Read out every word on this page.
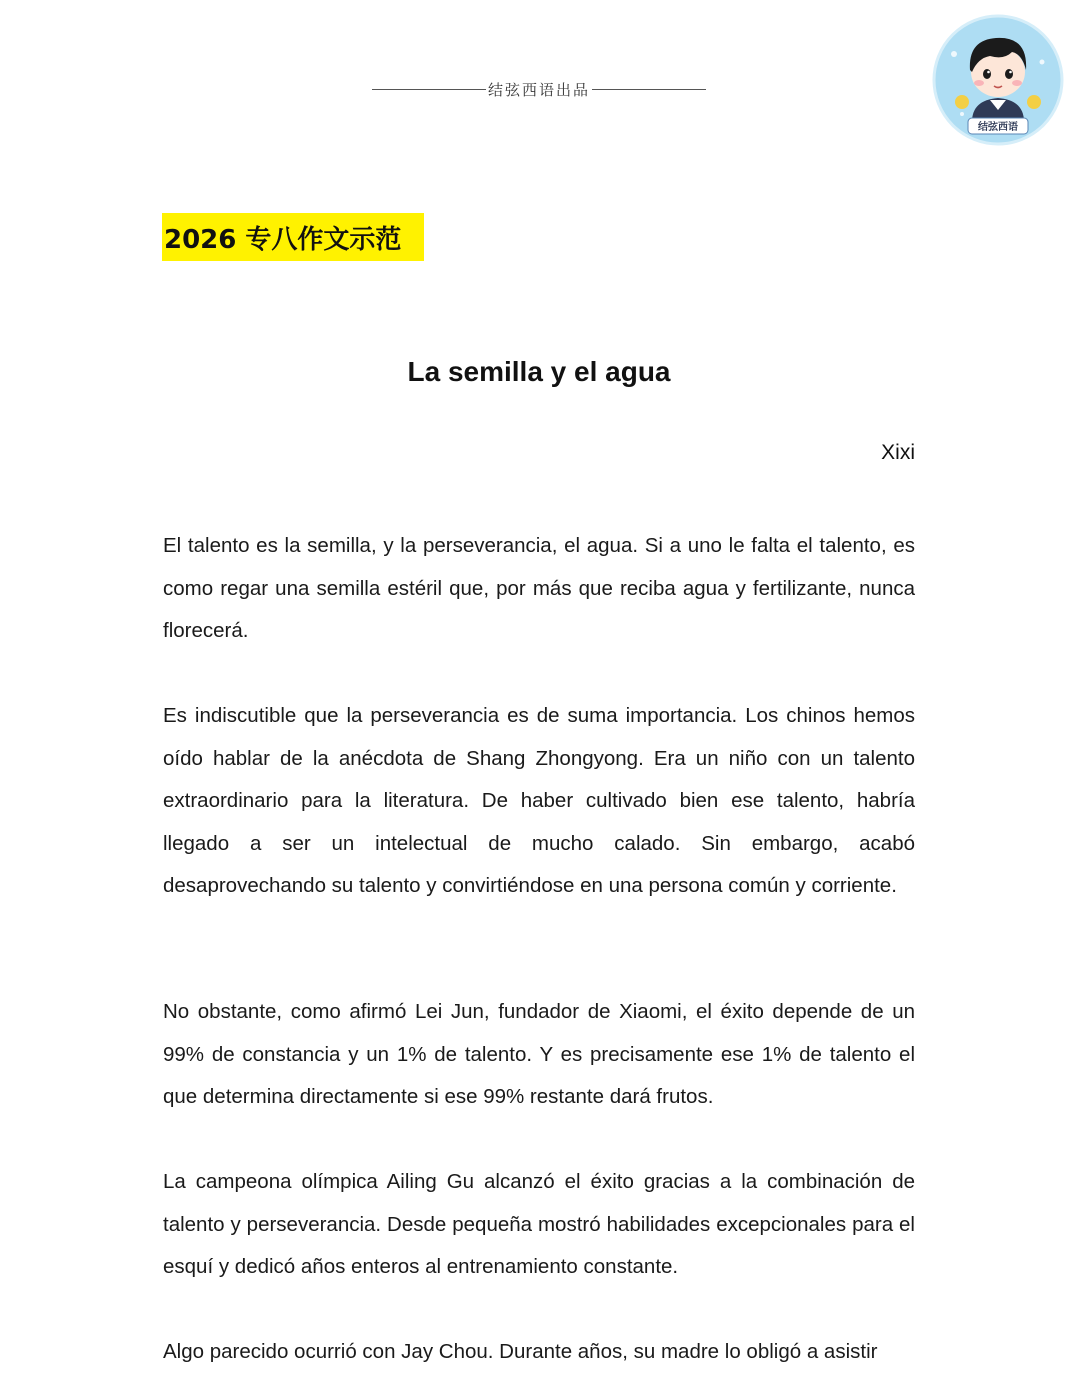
结弦西语出品
结弦西语
2026 专八作文示范
La semilla y el agua
Xixi

El talento es la semilla, y la perseverancia, el agua. Si a uno le falta el talento, es como regar una semilla estéril que, por más que reciba agua y fertilizante, nunca florecerá.

Es indiscutible que la perseverancia es de suma importancia. Los chinos hemos oído hablar de la anécdota de Shang Zhongyong. Era un niño con un talento extraordinario para la literatura. De haber cultivado bien ese talento, habría llegado a ser un intelectual de mucho calado. Sin embargo, acabó desaprovechando su talento y convirtiéndose en una persona común y corriente.

No obstante, como afirmó Lei Jun, fundador de Xiaomi, el éxito depende de un 99% de constancia y un 1% de talento. Y es precisamente ese 1% de talento el que determina directamente si ese 99% restante dará frutos.

La campeona olímpica Ailing Gu alcanzó el éxito gracias a la combinación de talento y perseverancia. Desde pequeña mostró habilidades excepcionales para el esquí y dedicó años enteros al entrenamiento constante.

Algo parecido ocurrió con Jay Chou. Durante años, su madre lo obligó a asistir
